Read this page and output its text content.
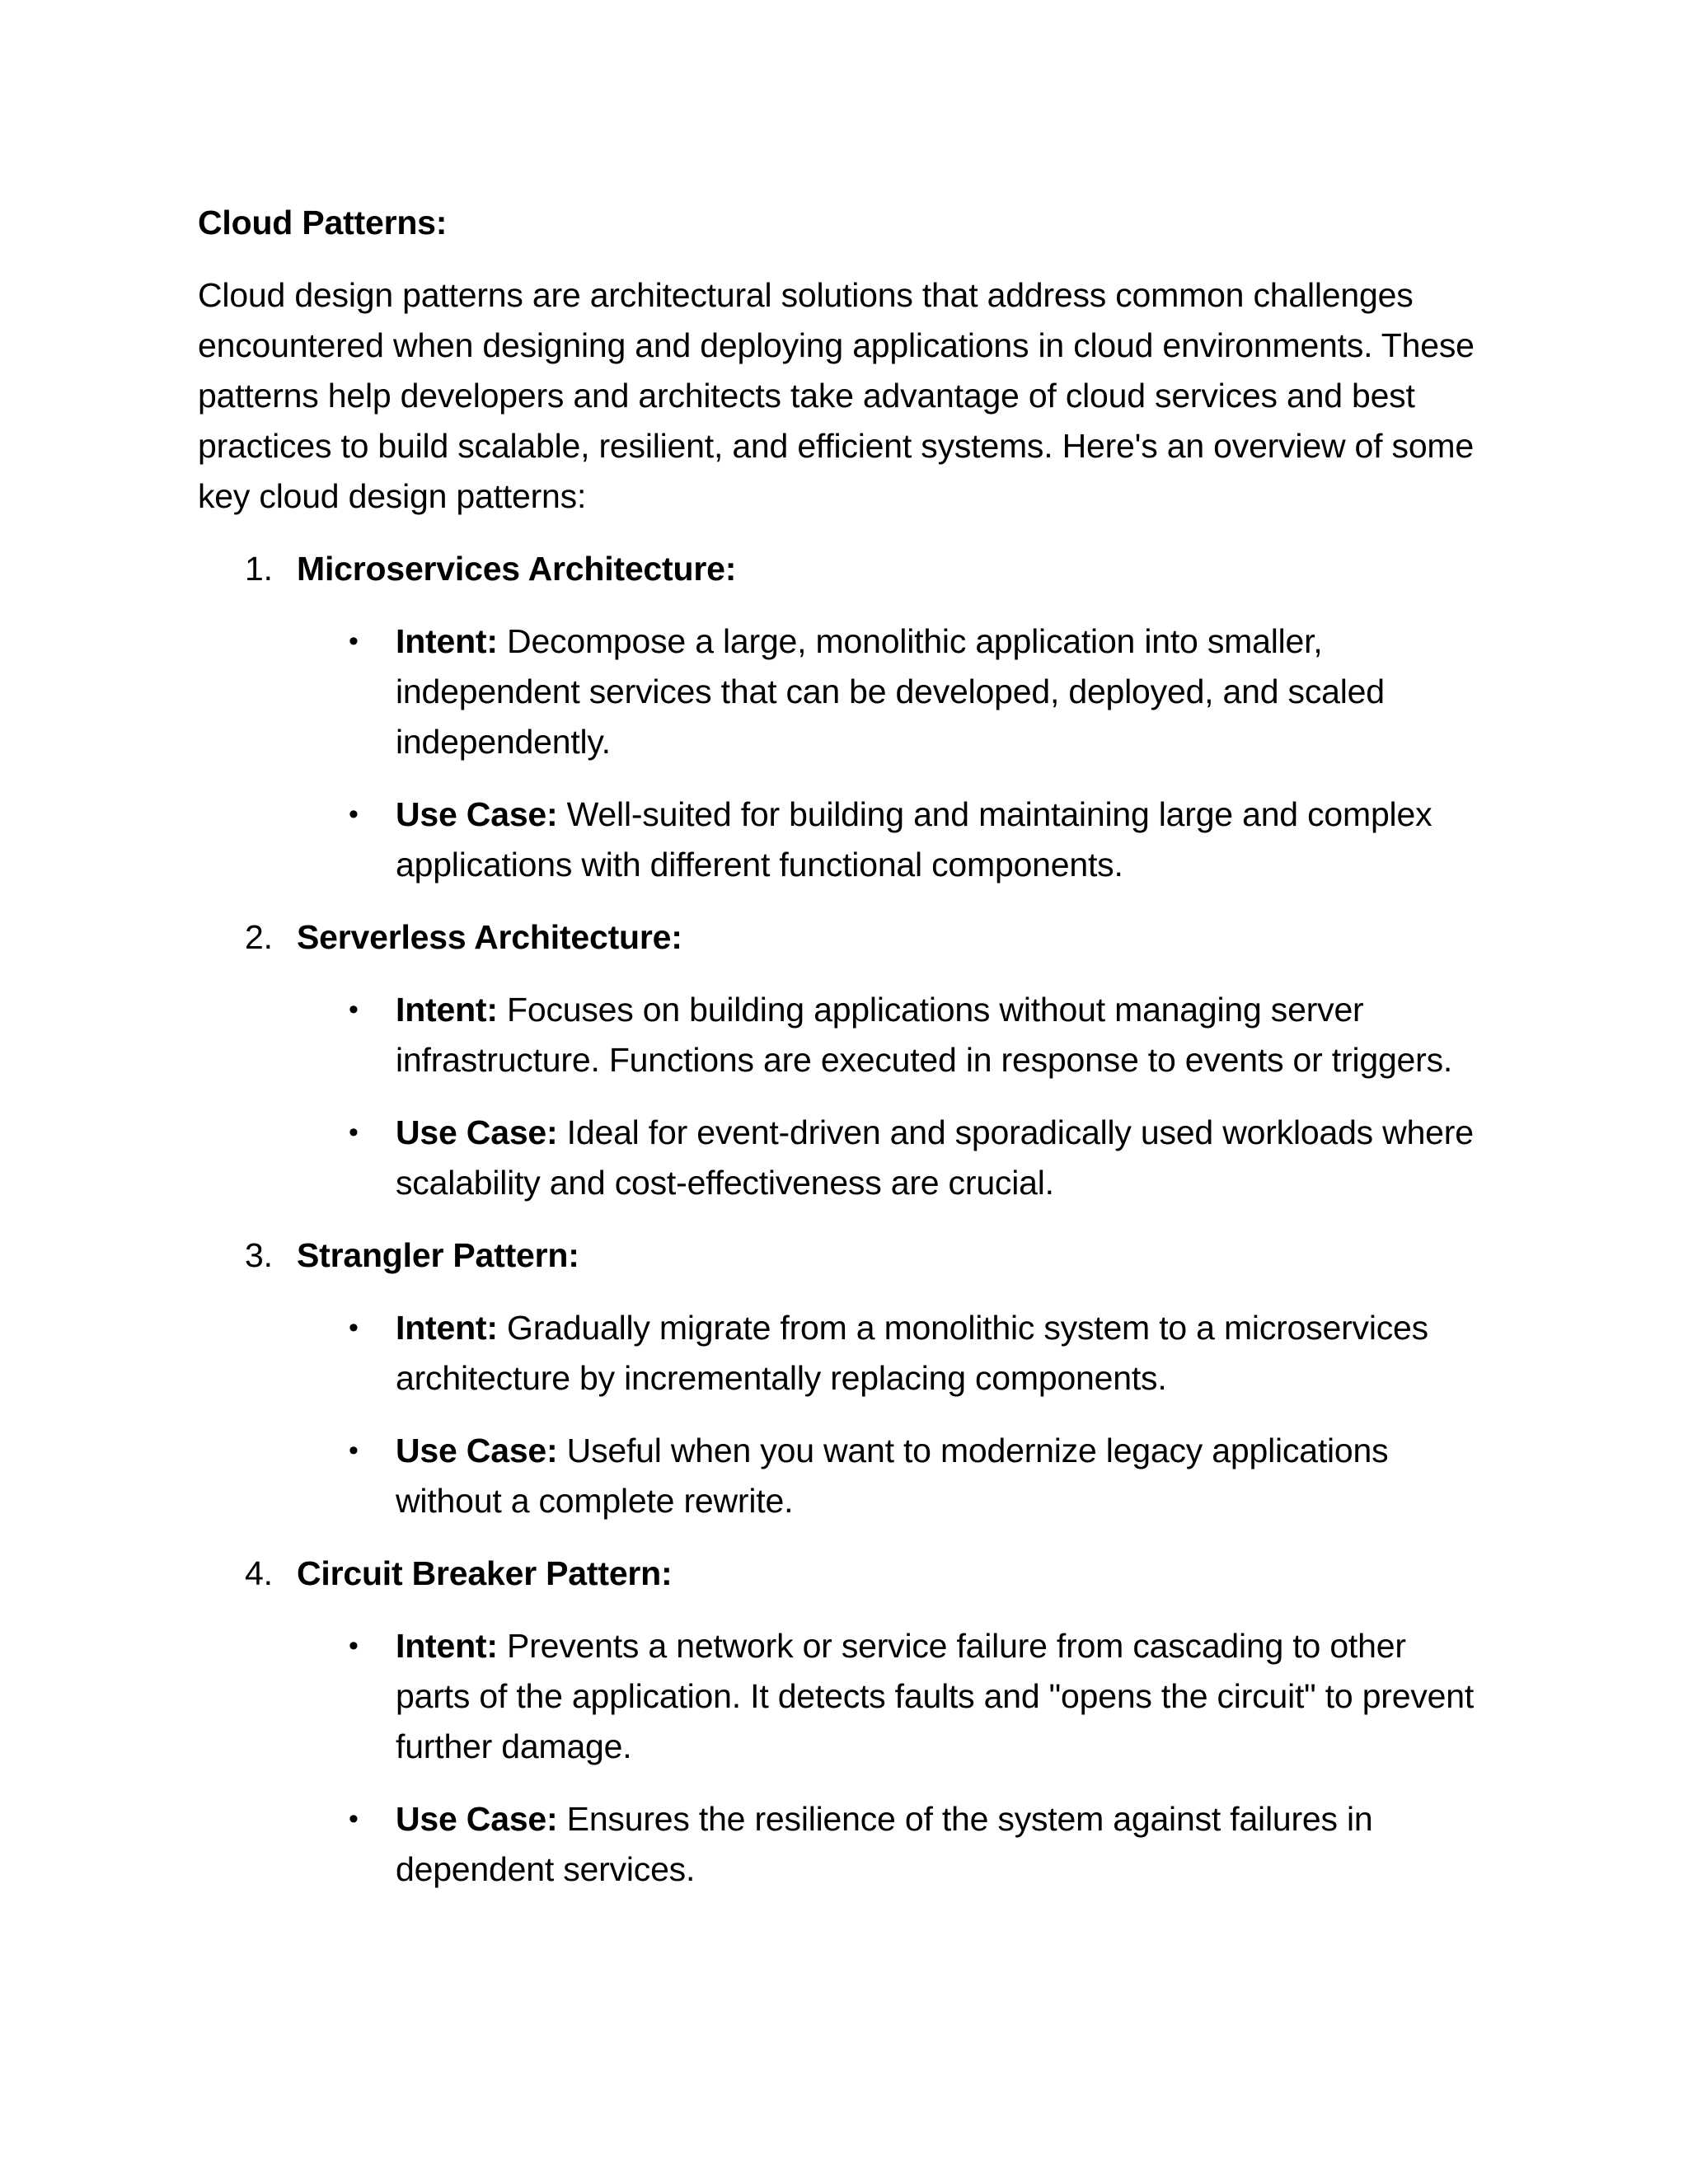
Cloud Patterns:
Cloud design patterns are architectural solutions that address common challenges encountered when designing and deploying applications in cloud environments. These patterns help developers and architects take advantage of cloud services and best practices to build scalable, resilient, and efficient systems. Here's an overview of some key cloud design patterns:
1. Microservices Architecture:
• Intent: Decompose a large, monolithic application into smaller, independent services that can be developed, deployed, and scaled independently.
• Use Case: Well-suited for building and maintaining large and complex applications with different functional components.
2. Serverless Architecture:
• Intent: Focuses on building applications without managing server infrastructure. Functions are executed in response to events or triggers.
• Use Case: Ideal for event-driven and sporadically used workloads where scalability and cost-effectiveness are crucial.
3. Strangler Pattern:
• Intent: Gradually migrate from a monolithic system to a microservices architecture by incrementally replacing components.
• Use Case: Useful when you want to modernize legacy applications without a complete rewrite.
4. Circuit Breaker Pattern:
• Intent: Prevents a network or service failure from cascading to other parts of the application. It detects faults and "opens the circuit" to prevent further damage.
• Use Case: Ensures the resilience of the system against failures in dependent services.
